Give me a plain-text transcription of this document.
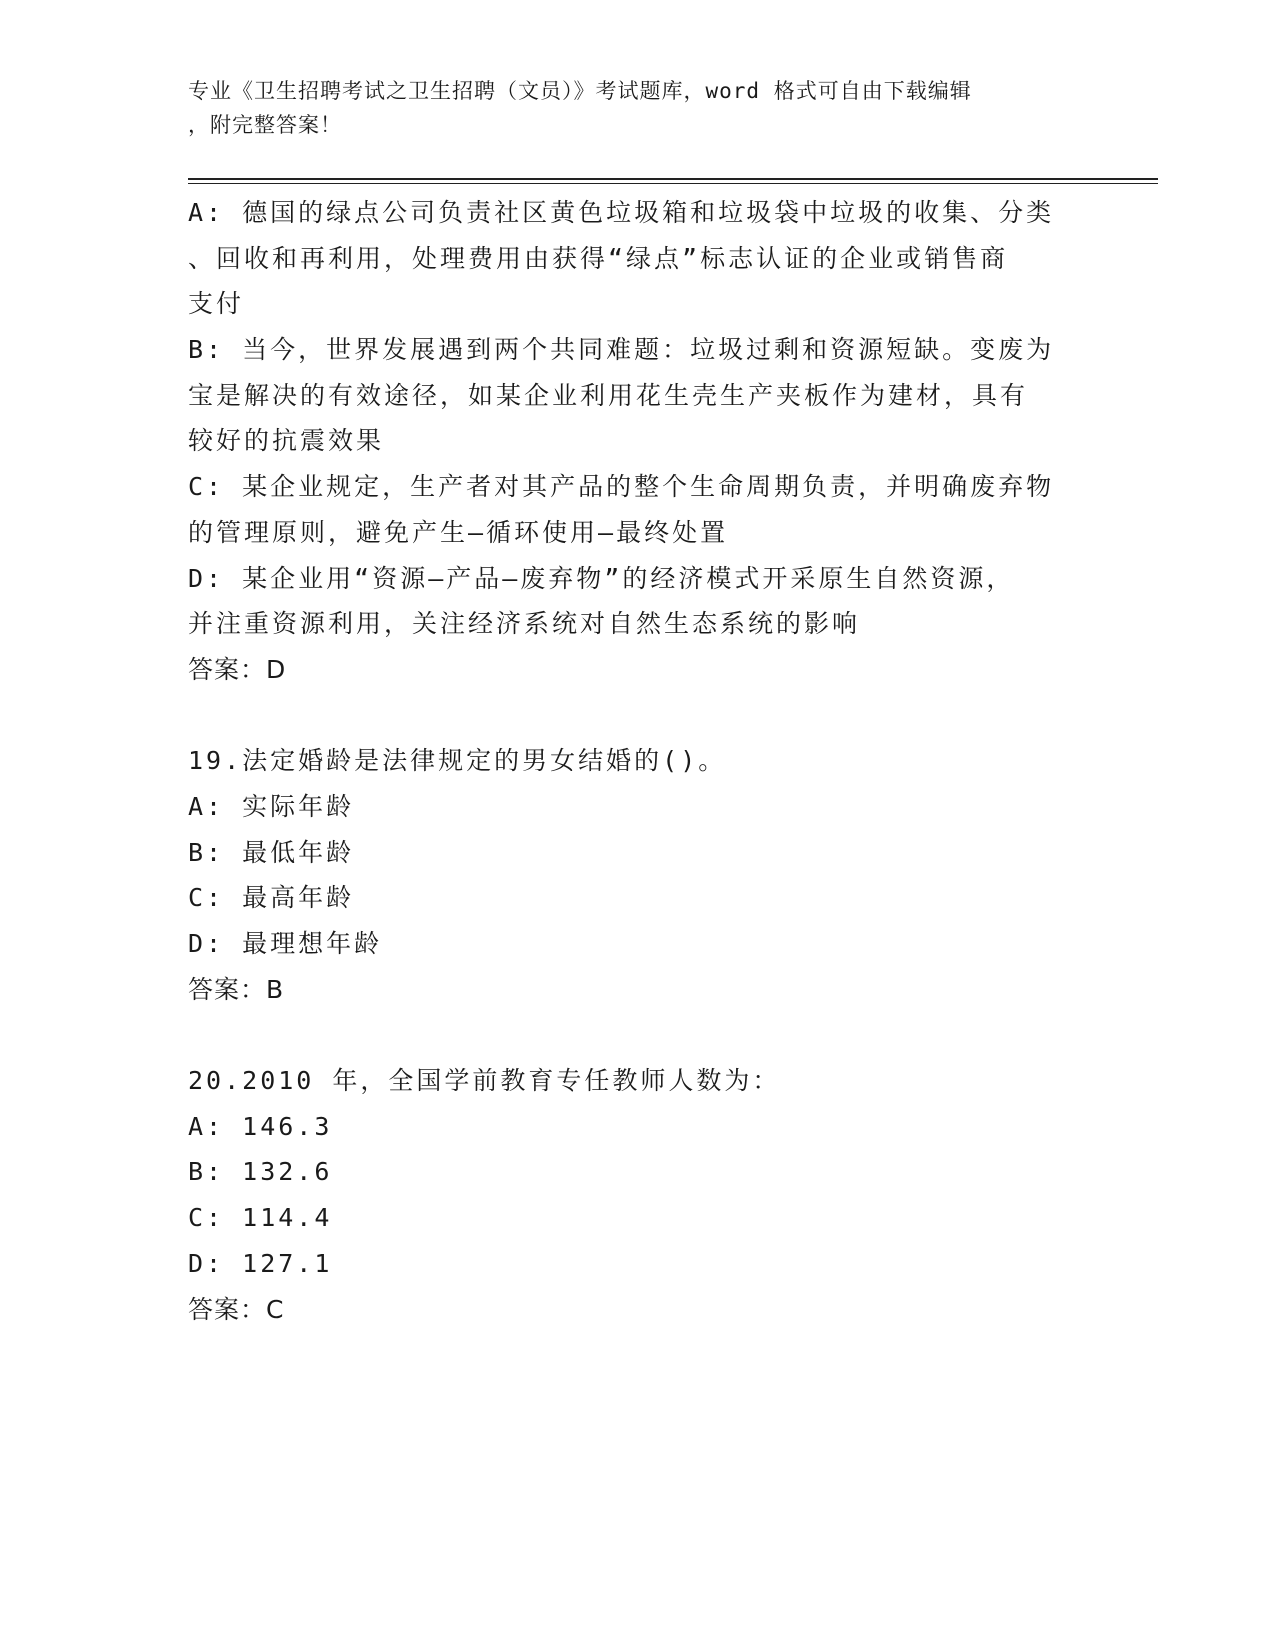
专业《卫生招聘考试之卫生招聘（文员）》考试题库，word 格式可自由下载编辑
，附完整答案！
A: 德国的绿点公司负责社区黄色垃圾箱和垃圾袋中垃圾的收集、分类
、回收和再利用，处理费用由获得“绿点”标志认证的企业或销售商
支付
B: 当今，世界发展遇到两个共同难题：垃圾过剩和资源短缺。变废为
宝是解决的有效途径，如某企业利用花生壳生产夹板作为建材，具有
较好的抗震效果
C: 某企业规定，生产者对其产品的整个生命周期负责，并明确废弃物
的管理原则，避免产生—循环使用—最终处置
D: 某企业用“资源—产品—废弃物”的经济模式开采原生自然资源，
并注重资源利用，关注经济系统对自然生态系统的影响
答案：D
19.法定婚龄是法律规定的男女结婚的()。
A: 实际年龄
B: 最低年龄
C: 最高年龄
D: 最理想年龄
答案：B
20.2010 年，全国学前教育专任教师人数为：
A: 146.3
B: 132.6
C: 114.4
D: 127.1
答案：C
